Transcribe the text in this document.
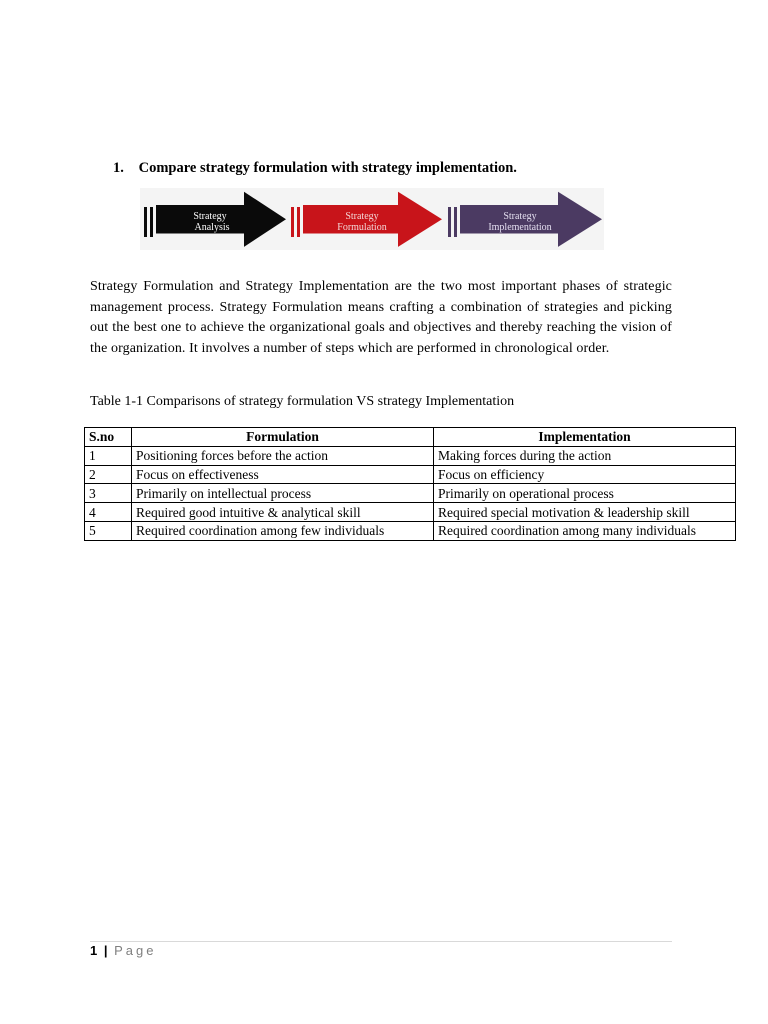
1. Compare strategy formulation with strategy implementation.
Strategy
Analysis
Strategy
Formulation
Strategy
Implementation

Strategy Formulation and Strategy Implementation are the two most important phases of strategic management process. Strategy Formulation means crafting a combination of strategies and picking out the best one to achieve the organizational goals and objectives and thereby reaching the vision of the organization. It involves a number of steps which are performed in chronological order.

Table 1-1 Comparisons of strategy formulation VS strategy Implementation
S.no	Formulation	Implementation
1	Positioning forces before the action	Making forces during the action
2	Focus on effectiveness	Focus on efficiency
3	Primarily on intellectual process	Primarily on operational process
4	Required good intuitive & analytical skill	Required special motivation & leadership skill
5	Required coordination among few individuals	Required coordination among many individuals
1 | Page
